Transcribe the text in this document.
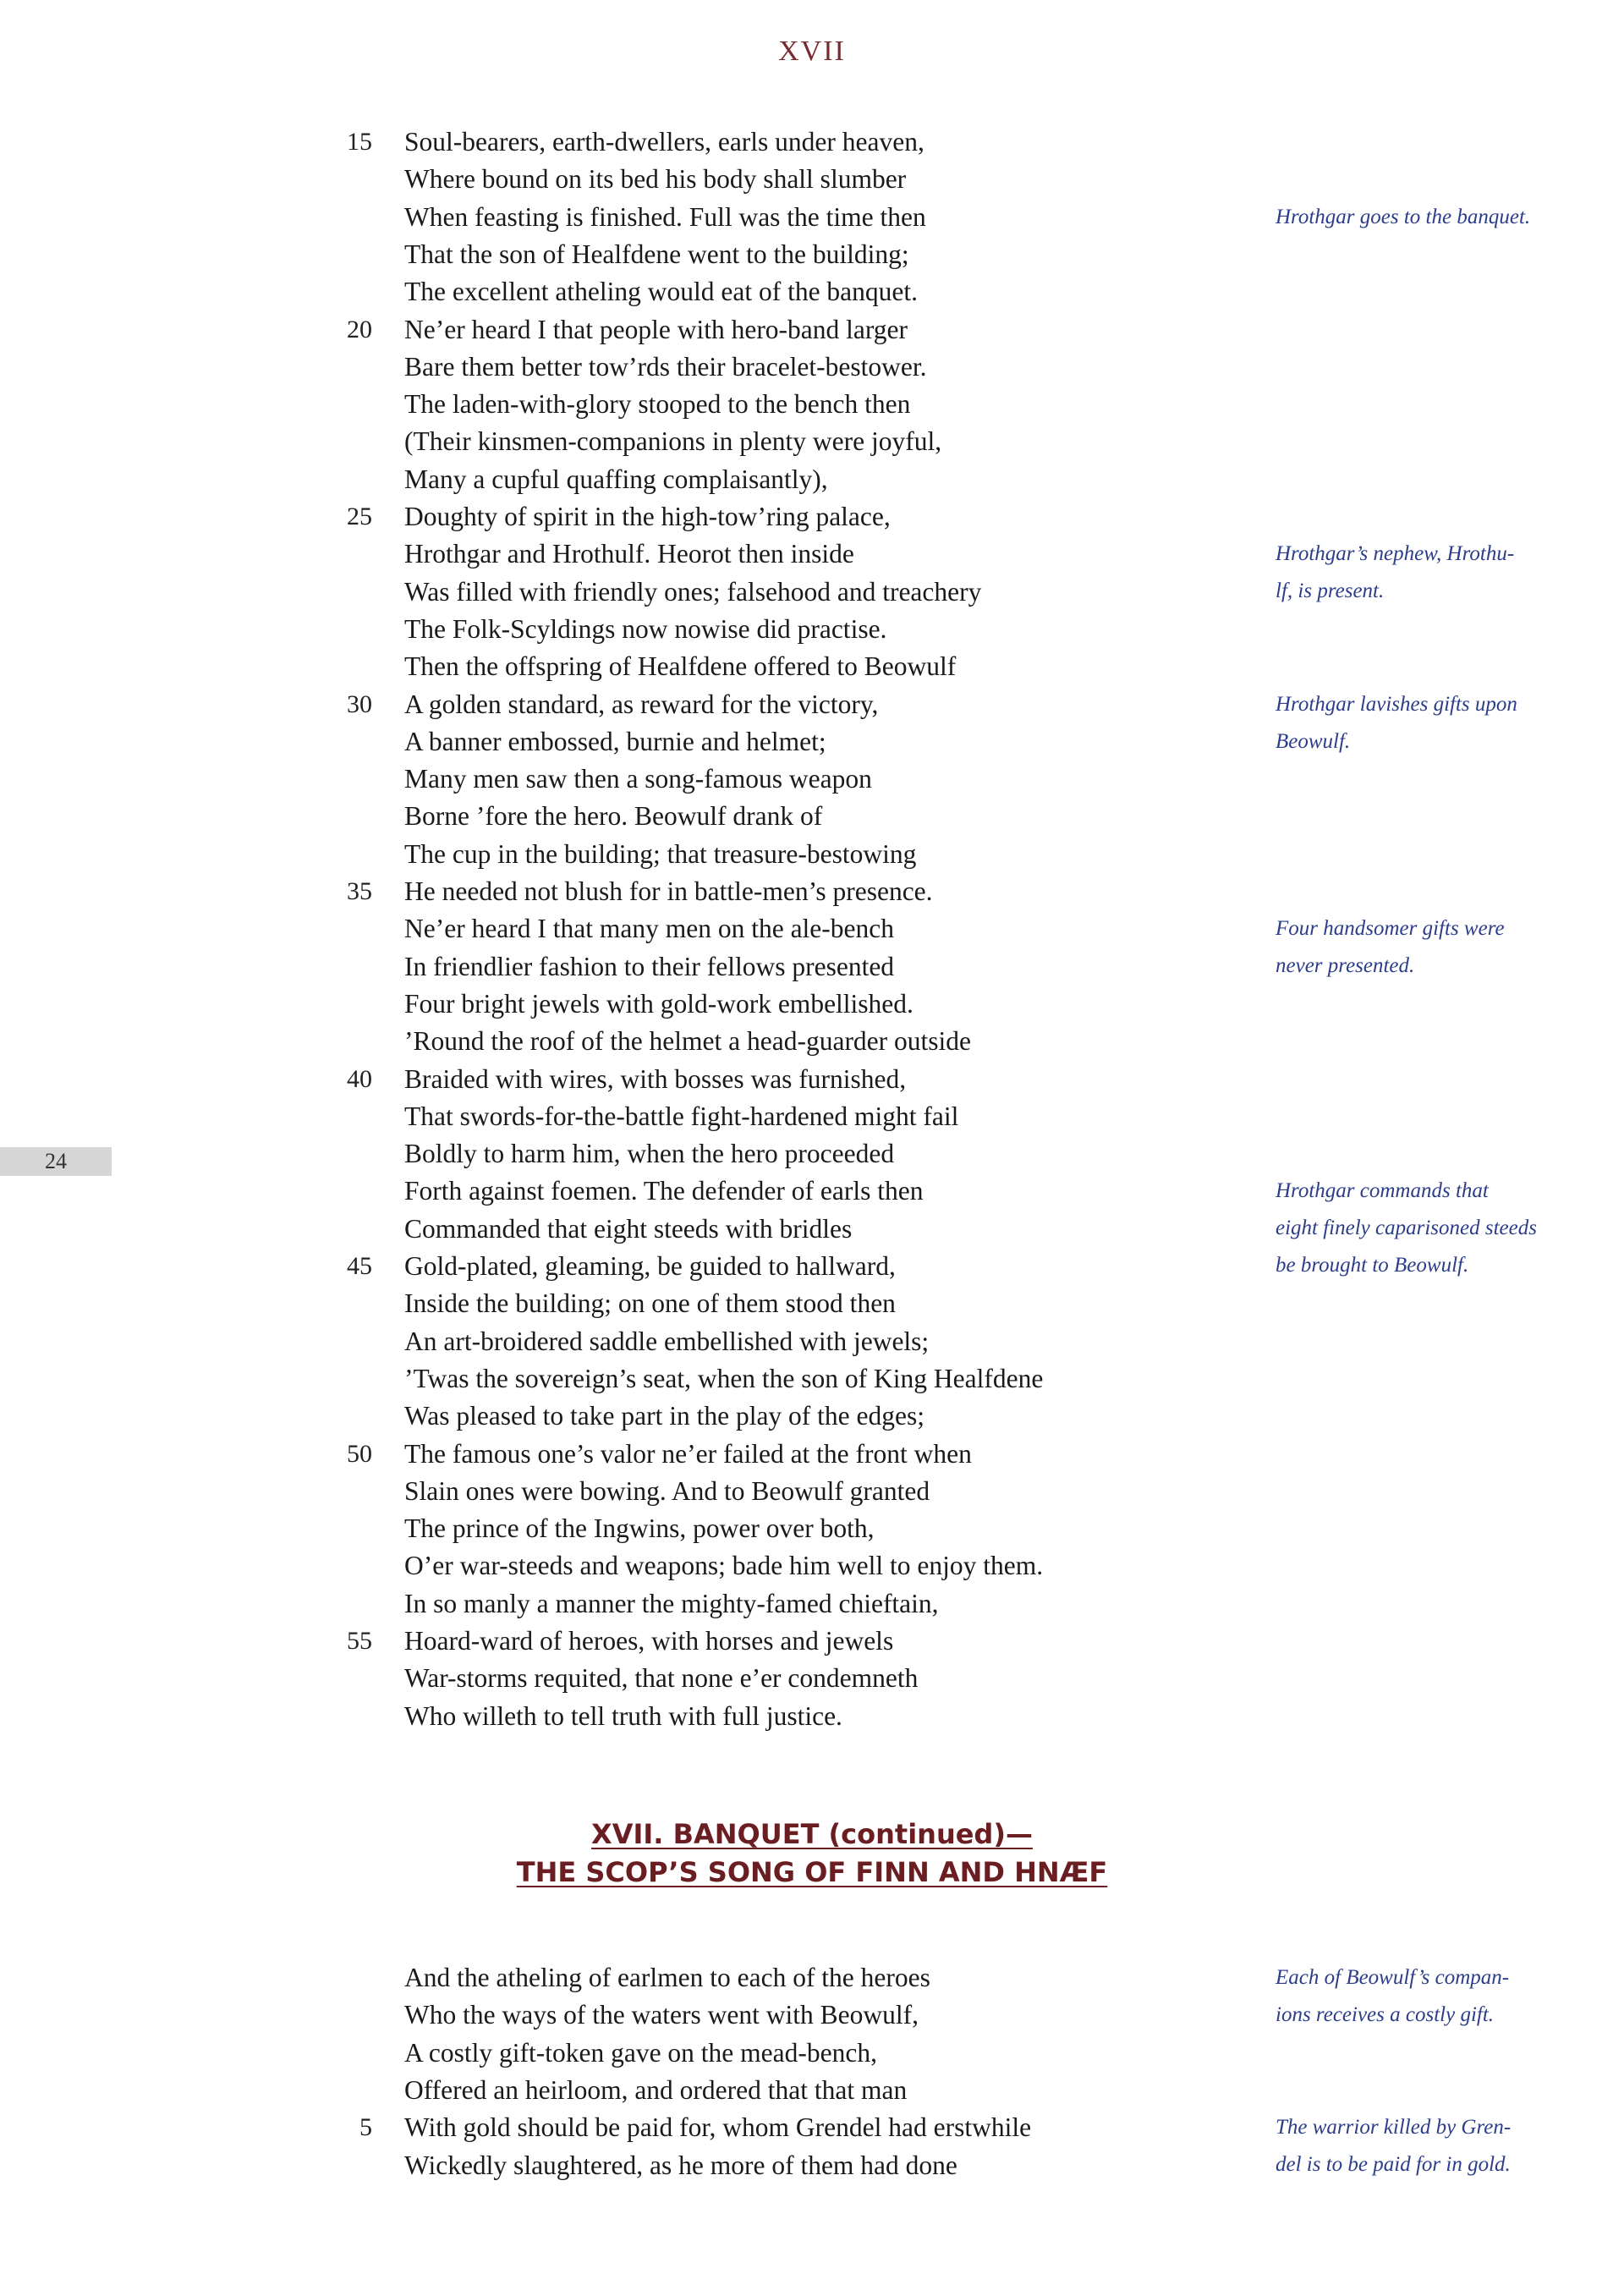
XVII
15 Soul-bearers, earth-dwellers, earls under heaven,
Where bound on its bed his body shall slumber
When feasting is finished. Full was the time then
That the son of Healfdene went to the building;
The excellent atheling would eat of the banquet.
20 Ne’er heard I that people with hero-band larger
Bare them better tow’rds their bracelet-bestower.
The laden-with-glory stooped to the bench then
(Their kinsmen-companions in plenty were joyful,
Many a cupful quaffing complaisantly),
25 Doughty of spirit in the high-tow’ring palace,
Hrothgar and Hrothulf. Heorot then inside
Was filled with friendly ones; falsehood and treachery
The Folk-Scyldings now nowise did practise.
Then the offspring of Healfdene offered to Beowulf
30 A golden standard, as reward for the victory,
A banner embossed, burnie and helmet;
Many men saw then a song-famous weapon
Borne ’fore the hero. Beowulf drank of
The cup in the building; that treasure-bestowing
35 He needed not blush for in battle-men’s presence.
Ne’er heard I that many men on the ale-bench
In friendlier fashion to their fellows presented
Four bright jewels with gold-work embellished.
’Round the roof of the helmet a head-guarder outside
40 Braided with wires, with bosses was furnished,
That swords-for-the-battle fight-hardened might fail
Boldly to harm him, when the hero proceeded
Forth against foemen. The defender of earls then
Commanded that eight steeds with bridles
45 Gold-plated, gleaming, be guided to hallward,
Inside the building; on one of them stood then
An art-broidered saddle embellished with jewels;
’Twas the sovereign’s seat, when the son of King Healfdene
Was pleased to take part in the play of the edges;
50 The famous one’s valor ne’er failed at the front when
Slain ones were bowing. And to Beowulf granted
The prince of the Ingwins, power over both,
O’er war-steeds and weapons; bade him well to enjoy them.
In so manly a manner the mighty-famed chieftain,
55 Hoard-ward of heroes, with horses and jewels
War-storms requited, that none e’er condemneth
Who willeth to tell truth with full justice.
Hrothgar goes to the banquet.
Hrothgar’s nephew, Hrothu-
lf, is present.
Hrothgar lavishes gifts upon
Beowulf.
Four handsomer gifts were
never presented.
Hrothgar commands that
eight finely caparisoned steeds
be brought to Beowulf.
24
XVII. BANQUET (continued)—
THE SCOP’S SONG OF FINN AND HNÆF
And the atheling of earlmen to each of the heroes
Who the ways of the waters went with Beowulf,
A costly gift-token gave on the mead-bench,
Offered an heirloom, and ordered that that man
5 With gold should be paid for, whom Grendel had erstwhile
Wickedly slaughtered, as he more of them had done
Each of Beowulf’s compan-
ions receives a costly gift.
The warrior killed by Gren-
del is to be paid for in gold.
